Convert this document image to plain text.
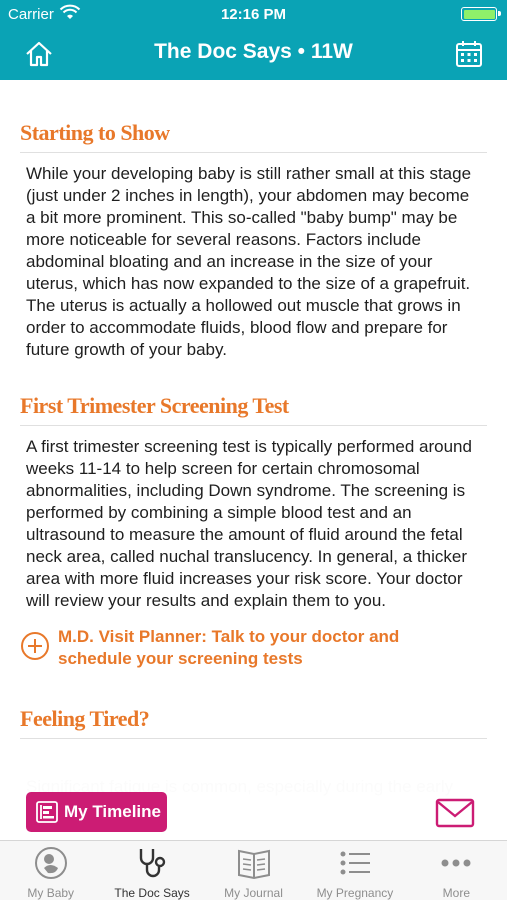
Carrier	12:16 PM
The Doc Says • 11W
Starting to Show
While your developing baby is still rather small at this stage (just under 2 inches in length), your abdomen may become a bit more prominent. This so-called "baby bump" may be more noticeable for several reasons. Factors include abdominal bloating and an increase in the size of your uterus, which has now expanded to the size of a grapefruit. The uterus is actually a hollowed out muscle that grows in order to accommodate fluids, blood flow and prepare for future growth of your baby.
First Trimester Screening Test
A first trimester screening test is typically performed around weeks 11-14 to help screen for certain chromosomal abnormalities, including Down syndrome. The screening is performed by combining a simple blood test and an ultrasound to measure the amount of fluid around the fetal neck area, called nuchal translucency. In general, a thicker area with more fluid increases your risk score. Your doctor will review your results and explain them to you.
M.D. Visit Planner: Talk to your doctor and
schedule your screening tests
Feeling Tired?
My Timeline
My Baby	The Doc Says	My Journal	My Pregnancy	More
